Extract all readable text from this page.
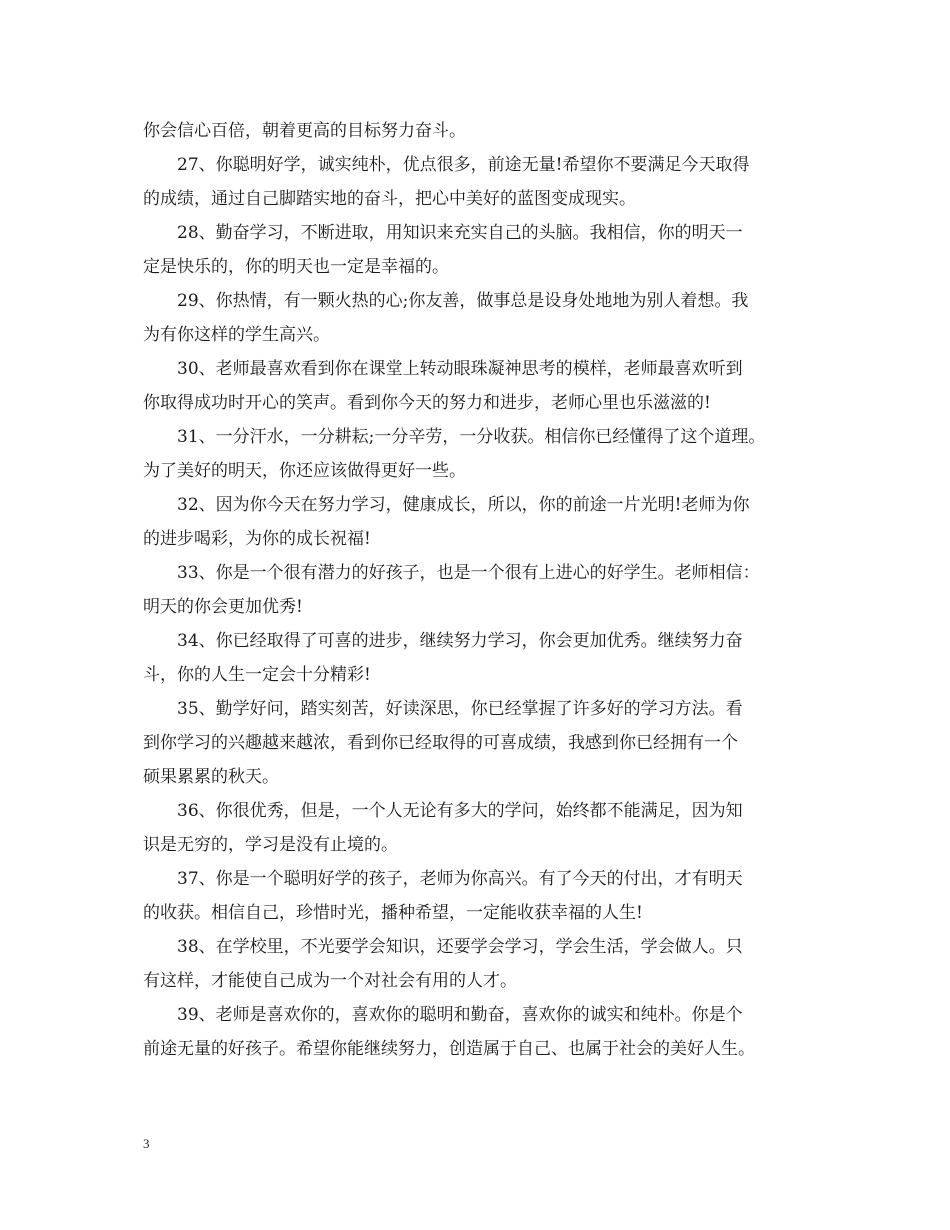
你会信心百倍，朝着更高的目标努力奋斗。
27、你聪明好学，诚实纯朴，优点很多，前途无量!希望你不要满足今天取得
的成绩，通过自己脚踏实地的奋斗，把心中美好的蓝图变成现实。
28、勤奋学习，不断进取，用知识来充实自己的头脑。我相信，你的明天一
定是快乐的，你的明天也一定是幸福的。
29、你热情，有一颗火热的心;你友善，做事总是设身处地地为别人着想。我
为有你这样的学生高兴。
30、老师最喜欢看到你在课堂上转动眼珠凝神思考的模样，老师最喜欢听到
你取得成功时开心的笑声。看到你今天的努力和进步，老师心里也乐滋滋的!
31、一分汗水，一分耕耘;一分辛劳，一分收获。相信你已经懂得了这个道理。
为了美好的明天，你还应该做得更好一些。
32、因为你今天在努力学习，健康成长，所以，你的前途一片光明!老师为你
的进步喝彩，为你的成长祝福!
33、你是一个很有潜力的好孩子，也是一个很有上进心的好学生。老师相信：
明天的你会更加优秀!
34、你已经取得了可喜的进步，继续努力学习，你会更加优秀。继续努力奋
斗，你的人生一定会十分精彩!
35、勤学好问，踏实刻苦，好读深思，你已经掌握了许多好的学习方法。看
到你学习的兴趣越来越浓，看到你已经取得的可喜成绩，我感到你已经拥有一个
硕果累累的秋天。
36、你很优秀，但是，一个人无论有多大的学问，始终都不能满足，因为知
识是无穷的，学习是没有止境的。
37、你是一个聪明好学的孩子，老师为你高兴。有了今天的付出，才有明天
的收获。相信自己，珍惜时光，播种希望，一定能收获幸福的人生!
38、在学校里，不光要学会知识，还要学会学习，学会生活，学会做人。只
有这样，才能使自己成为一个对社会有用的人才。
39、老师是喜欢你的，喜欢你的聪明和勤奋，喜欢你的诚实和纯朴。你是个
前途无量的好孩子。希望你能继续努力，创造属于自己、也属于社会的美好人生。
3
